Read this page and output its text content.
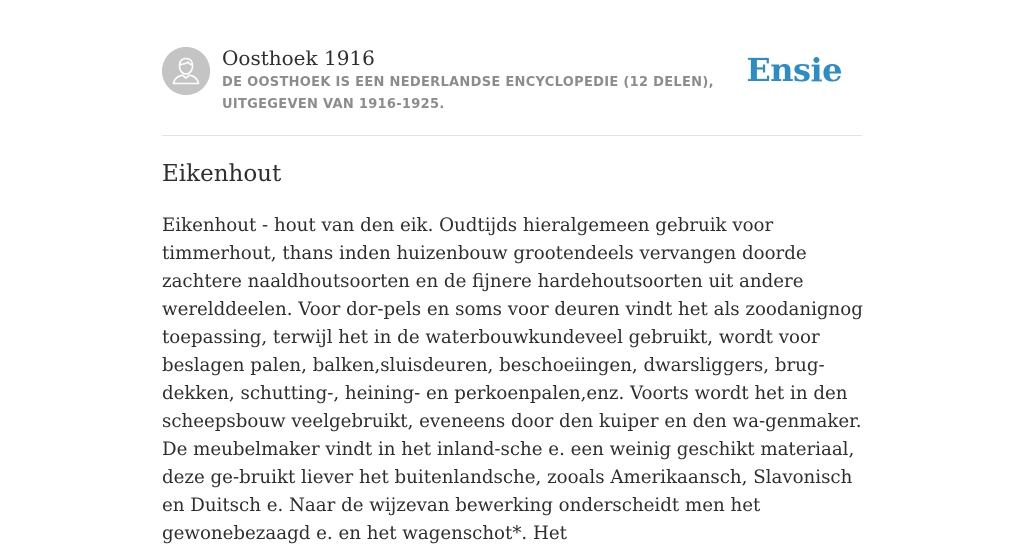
Oosthoek 1916
DE OOSTHOEK IS EEN NEDERLANDSE ENCYCLOPEDIE (12 DELEN), UITGEGEVEN VAN 1916-1925.
Ensie
Eikenhout

Eikenhout - hout van den eik. Oudtijds hieralgemeen gebruik voor timmerhout, thans inden huizenbouw grootendeels vervangen doorde zachtere naaldhoutsoorten en de fijnere hardehoutsoorten uit andere werelddeelen. Voor dor-pels en soms voor deuren vindt het als zoodanignog toepassing, terwijl het in de waterbouwkundeveel gebruikt, wordt voor beslagen palen, balken,sluisdeuren, beschoeiingen, dwarsliggers, brug-dekken, schutting-, heining- en perkoenpalen,enz. Voorts wordt het in den scheepsbouw veelgebruikt, eveneens door den kuiper en den wa-genmaker. De meubelmaker vindt in het inland-sche e. een weinig geschikt materiaal, deze ge-bruikt liever het buitenlandsche, zooals Amerikaansch, Slavonisch en Duitsch e. Naar de wijzevan bewerking onderscheidt men het gewonebezaagd e. en het wagenschot*. Het
